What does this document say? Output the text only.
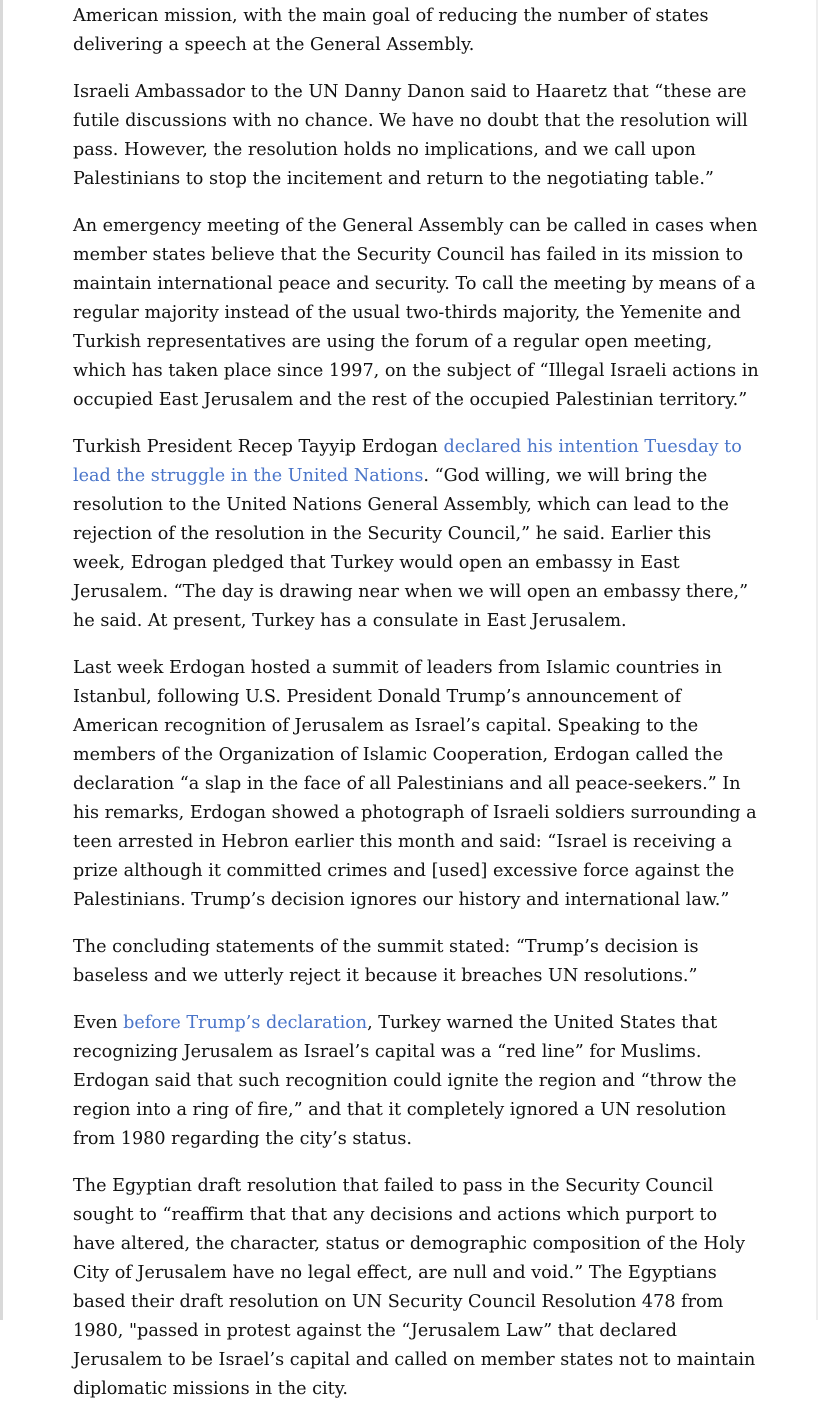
American mission, with the main goal of reducing the number of states delivering a speech at the General Assembly.

Israeli Ambassador to the UN Danny Danon said to Haaretz that “these are futile discussions with no chance. We have no doubt that the resolution will pass. However, the resolution holds no implications, and we call upon Palestinians to stop the incitement and return to the negotiating table.”

An emergency meeting of the General Assembly can be called in cases when member states believe that the Security Council has failed in its mission to maintain international peace and security. To call the meeting by means of a regular majority instead of the usual two-thirds majority, the Yemenite and Turkish representatives are using the forum of a regular open meeting, which has taken place since 1997, on the subject of “Illegal Israeli actions in occupied East Jerusalem and the rest of the occupied Palestinian territory.”

Turkish President Recep Tayyip Erdogan declared his intention Tuesday to lead the struggle in the United Nations. “God willing, we will bring the resolution to the United Nations General Assembly, which can lead to the rejection of the resolution in the Security Council,” he said. Earlier this week, Edrogan pledged that Turkey would open an embassy in East Jerusalem. “The day is drawing near when we will open an embassy there,” he said. At present, Turkey has a consulate in East Jerusalem.

Last week Erdogan hosted a summit of leaders from Islamic countries in Istanbul, following U.S. President Donald Trump’s announcement of American recognition of Jerusalem as Israel’s capital. Speaking to the members of the Organization of Islamic Cooperation, Erdogan called the declaration “a slap in the face of all Palestinians and all peace-seekers.” In his remarks, Erdogan showed a photograph of Israeli soldiers surrounding a teen arrested in Hebron earlier this month and said: “Israel is receiving a prize although it committed crimes and [used] excessive force against the Palestinians. Trump’s decision ignores our history and international law.”

The concluding statements of the summit stated: “Trump’s decision is baseless and we utterly reject it because it breaches UN resolutions.”

Even before Trump’s declaration, Turkey warned the United States that recognizing Jerusalem as Israel’s capital was a “red line” for Muslims. Erdogan said that such recognition could ignite the region and “throw the region into a ring of fire,” and that it completely ignored a UN resolution from 1980 regarding the city’s status.

The Egyptian draft resolution that failed to pass in the Security Council sought to “reaffirm that that any decisions and actions which purport to have altered, the character, status or demographic composition of the Holy City of Jerusalem have no legal effect, are null and void.” The Egyptians based their draft resolution on UN Security Council Resolution 478 from 1980, "passed in protest against the “Jerusalem Law” that declared Jerusalem to be Israel’s capital and called on member states not to maintain diplomatic missions in the city.
